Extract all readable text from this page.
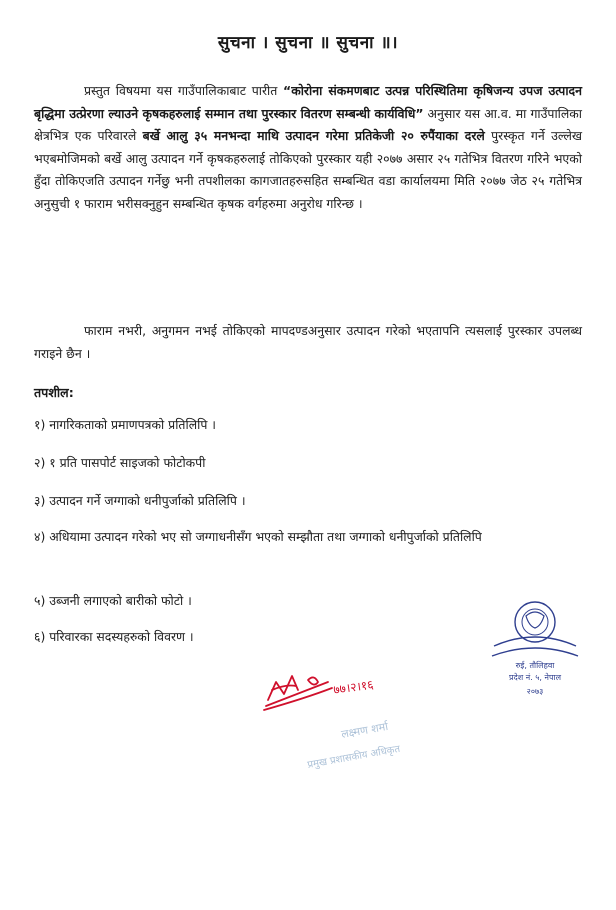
सुचना । सुचना ॥ सुचना ॥।
प्रस्तुत विषयमा यस गाउँपालिकाबाट पारीत “कोरोना संकमणबाट उत्पन्न परिस्थितिमा कृषिजन्य उपज उत्पादन बृद्धिमा उत्प्रेरणा ल्याउने कृषकहरुलाई सम्मान तथा पुरस्कार वितरण सम्बन्धी कार्यविधि” अनुसार यस आ.व. मा गाउँपालिका क्षेत्रभित्र एक परिवारले बर्खे आलु ३५ मनभन्दा माथि उत्पादन गरेमा प्रतिकेजी २० रुपैंयाका दरले पुरस्कृत गर्ने उल्लेख भएबमोजिमको बर्खे आलु उत्पादन गर्ने कृषकहरुलाई तोकिएको पुरस्कार यही २०७७ असार २५ गतेभित्र वितरण गरिने भएको हुँदा तोकिएजति उत्पादन गर्नेछु भनी तपशीलका कागजातहरुसहित सम्बन्धित वडा कार्यालयमा मिति २०७७ जेठ २५ गतेभित्र अनुसुची १ फाराम भरीसक्नुहुन सम्बन्धित कृषक वर्गहरुमा अनुरोध गरिन्छ ।
फाराम नभरी, अनुगमन नभई तोकिएको मापदण्डअनुसार उत्पादन गरेको भएतापनि त्यसलाई पुरस्कार उपलब्ध गराइने छैन ।
तपशील:
१) नागरिकताको प्रमाणपत्रको प्रतिलिपि ।
२) १ प्रति पासपोर्ट साइजको फोटोकपी
३) उत्पादन गर्ने जग्गाको धनीपुर्जाको प्रतिलिपि ।
४) अधियामा उत्पादन गरेको भए सो जग्गाधनीसँग भएको सम्झौता तथा जग्गाको धनीपुर्जाको प्रतिलिपि
५) उब्जनी लगाएको बारीको फोटो ।
६) परिवारका सदस्यहरुको विवरण ।
रुई, तौलिहवा
प्रदेश नं. ५, नेपाल
२०७३
७७।२।१६
लक्ष्मण शर्मा
प्रमुख प्रशासकीय अधिकृत
